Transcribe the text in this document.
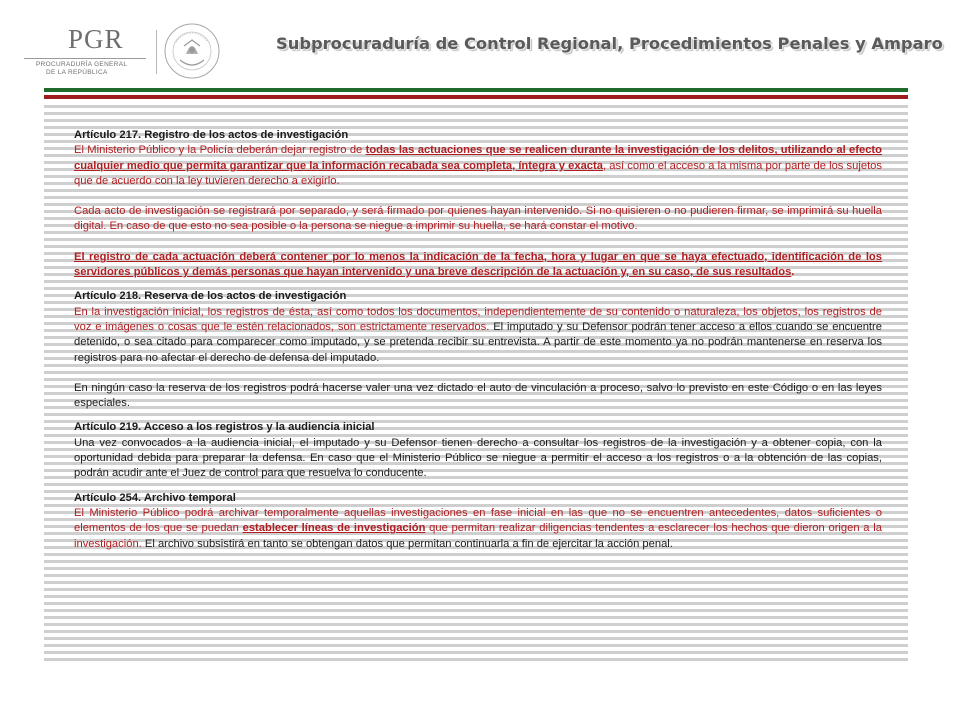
PGR
PROCURADURÍA GENERAL
DE LA REPÚBLICA
Subprocuraduría de Control Regional, Procedimientos Penales y Amparo

Artículo 217. Registro de los actos de investigación

El Ministerio Público y la Policía deberán dejar registro de todas las actuaciones que se realicen durante la investigación de los delitos, utilizando al efecto cualquier medio que permita garantizar que la información recabada sea completa, íntegra y exacta, así como el acceso a la misma por parte de los sujetos que de acuerdo con la ley tuvieren derecho a exigirlo.

Cada acto de investigación se registrará por separado, y será firmado por quienes hayan intervenido. Si no quisieren o no pudieren firmar, se imprimirá su huella digital. En caso de que esto no sea posible o la persona se niegue a imprimir su huella, se hará constar el motivo.

El registro de cada actuación deberá contener por lo menos la indicación de la fecha, hora y lugar en que se haya efectuado, identificación de los servidores públicos y demás personas que hayan intervenido y una breve descripción de la actuación y, en su caso, de sus resultados.

Artículo 218. Reserva de los actos de investigación

En la investigación inicial, los registros de ésta, así como todos los documentos, independientemente de su contenido o naturaleza, los objetos, los registros de voz e imágenes o cosas que le estén relacionados, son estrictamente reservados. El imputado y su Defensor podrán tener acceso a ellos cuando se encuentre detenido, o sea citado para comparecer como imputado, y se pretenda recibir su entrevista. A partir de este momento ya no podrán mantenerse en reserva los registros para no afectar el derecho de defensa del imputado.

En ningún caso la reserva de los registros podrá hacerse valer una vez dictado el auto de vinculación a proceso, salvo lo previsto en este Código o en las leyes especiales.

Artículo 219. Acceso a los registros y la audiencia inicial

Una vez convocados a la audiencia inicial, el imputado y su Defensor tienen derecho a consultar los registros de la investigación y a obtener copia, con la oportunidad debida para preparar la defensa. En caso que el Ministerio Público se niegue a permitir el acceso a los registros o a la obtención de las copias, podrán acudir ante el Juez de control para que resuelva lo conducente.

Artículo 254. Archivo temporal

El Ministerio Público podrá archivar temporalmente aquellas investigaciones en fase inicial en las que no se encuentren antecedentes, datos suficientes o elementos de los que se puedan establecer líneas de investigación que permitan realizar diligencias tendentes a esclarecer los hechos que dieron origen a la investigación. El archivo subsistirá en tanto se obtengan datos que permitan continuarla a fin de ejercitar la acción penal.
